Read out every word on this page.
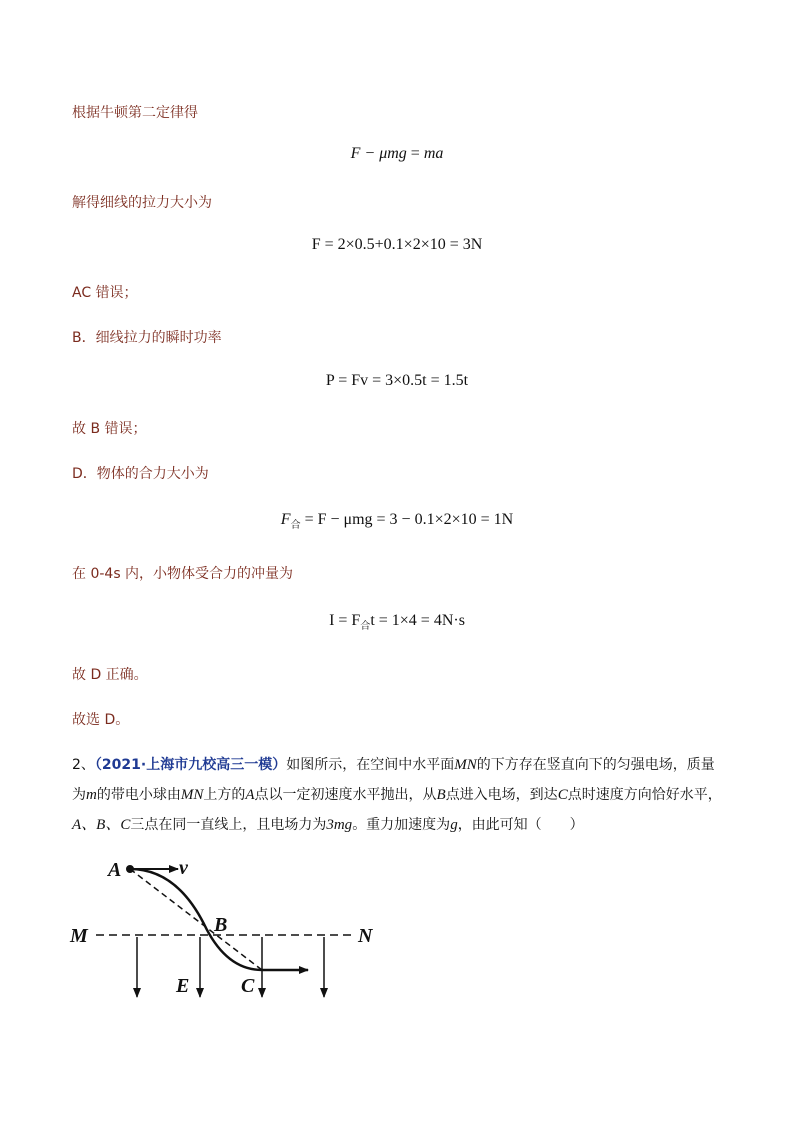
根据牛顿第二定律得
F − μmg = ma
解得细线的拉力大小为
F = 2×0.5+0.1×2×10 = 3N
AC 错误；
B．细线拉力的瞬时功率
P = Fv = 3×0.5t = 1.5t
故 B 错误；
D．物体的合力大小为
$F_合 = F - \mu mg = 3 - 0.1\times 2\times 10 = 1N$
在 0-4s 内，小物体受合力的冲量为
$I = F_合t = 1\times 4 = 4N\cdot s$
故 D 正确。
故选 D。
2、（2021·上海市九校高三一模）如图所示，在空间中水平面MN的下方存在竖直向下的匀强电场，质量为m的带电小球由MN上方的A点以一定初速度水平抛出，从B点进入电场，到达C点时速度方向恰好水平，A、B、C三点在同一直线上，且电场力为3mg。重力加速度为g，由此可知（　　）
A	v
M	N
B
E	C
